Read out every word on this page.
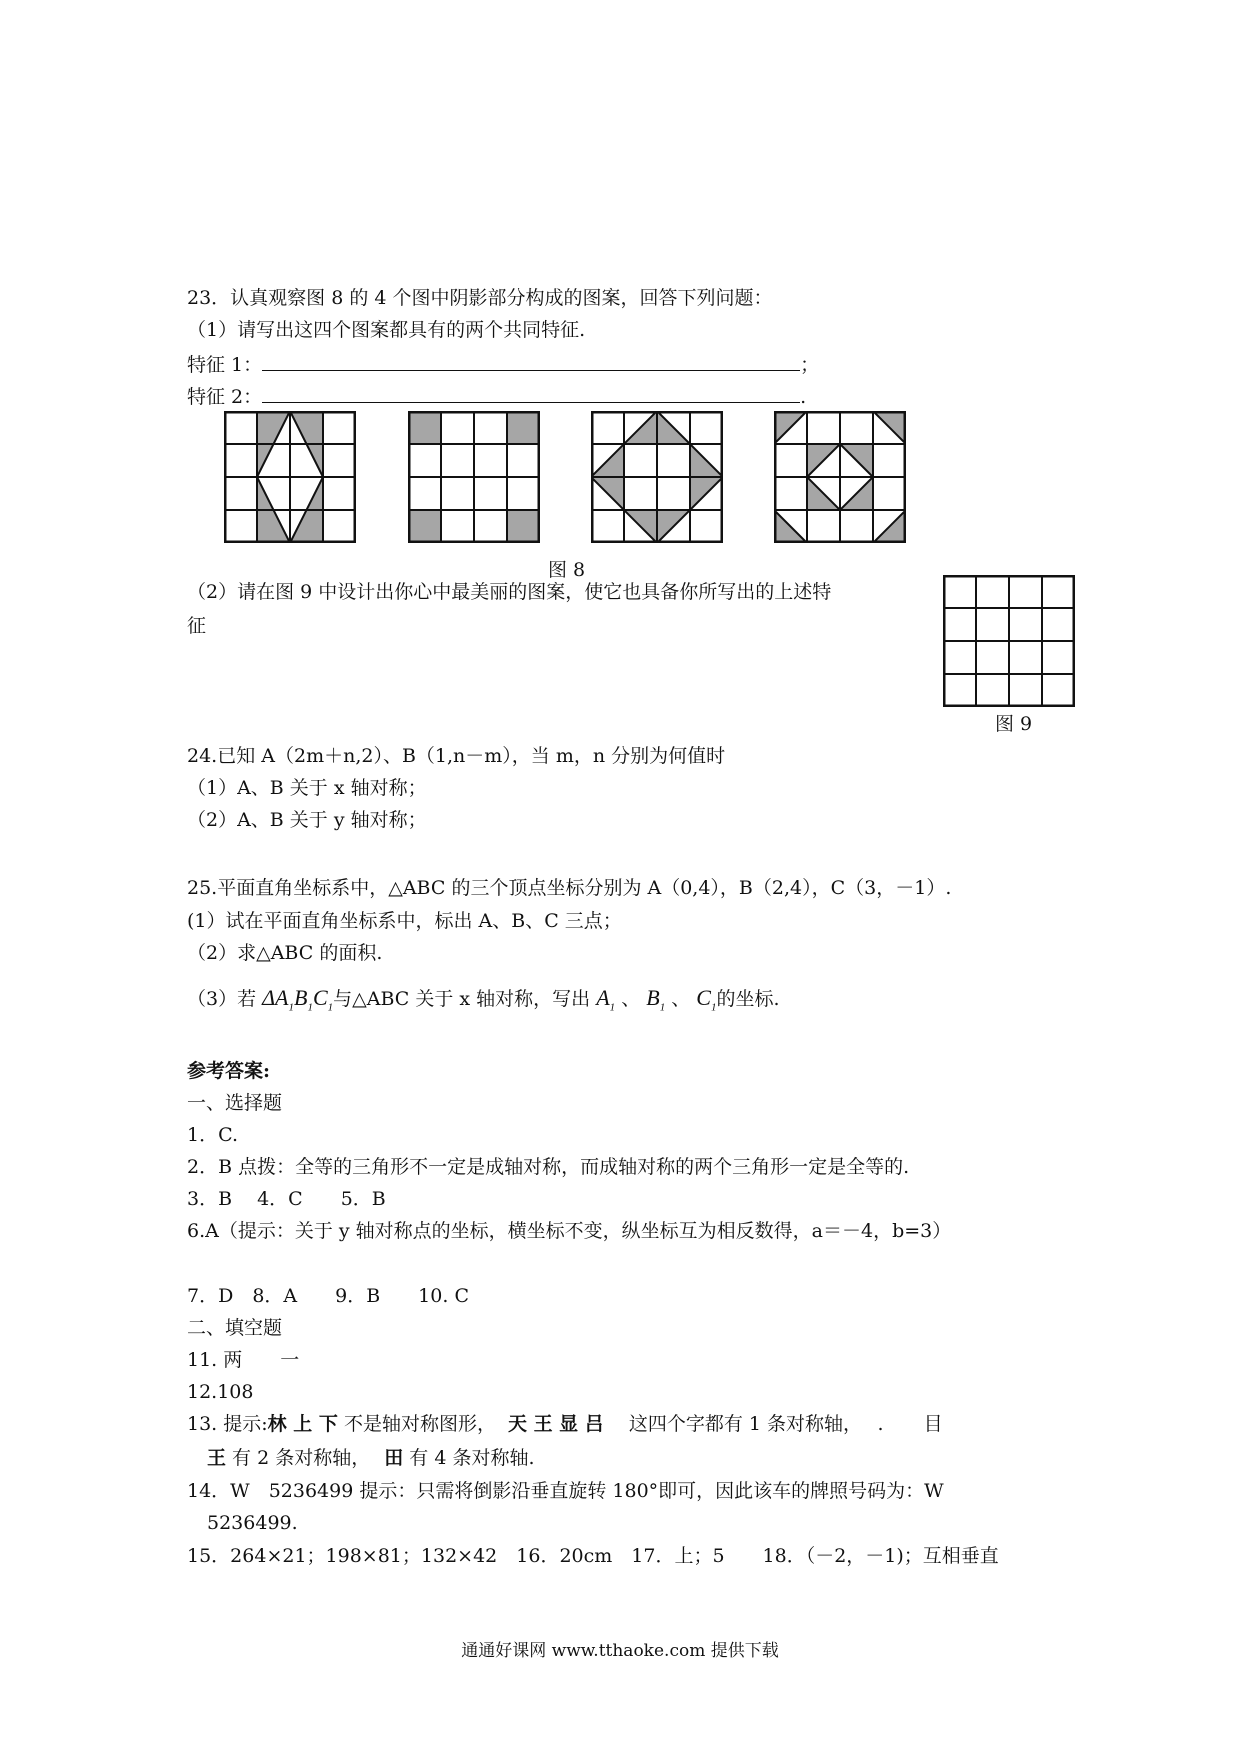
23．认真观察图 8 的 4 个图中阴影部分构成的图案，回答下列问题：
（1）请写出这四个图案都具有的两个共同特征.
特征 1：	；
特征 2：	.
图 8
（2）请在图 9 中设计出你心中最美丽的图案，使它也具备你所写出的上述特
征
图 9
24.已知 A（2m＋n,2）、B（1,n－m），当 m，n 分别为何值时
（1）A、B 关于 x 轴对称；
（2）A、B 关于 y 轴对称；
25.平面直角坐标系中，△ABC 的三个顶点坐标分别为 A（0,4），B（2,4），C（3，－1）.
(1）试在平面直角坐标系中，标出 A、B、C 三点；
（2）求△ABC 的面积.
（3）若 $\Delta A_1B_1C_1$与△ABC 关于 x 轴对称，写出 $A_1$ 、 $B_1$ 、 $C_1$的坐标.
参考答案:
一、选择题
1．C.
2．B 点拨：全等的三角形不一定是成轴对称，而成轴对称的两个三角形一定是全等的.
3．B　 4．C　　5．B
6.A（提示：关于 y 轴对称点的坐标，横坐标不变，纵坐标互为相反数得，a＝－4，b=3）
7．D　8．A　　9．B　　10. C
二、填空题
11. 两　　一
12.108
13. 提示:林 上 下 不是轴对称图形， 天 王 显 吕　 这四个字都有 1 条对称轴，　 . 目
王 有 2 条对称轴， 田 有 4 条对称轴.
14．W　5236499 提示：只需将倒影沿垂直旋转 180°即可，因此该车的牌照号码为：W
5236499.
15．264×21；198×81；132×42　16．20cm　17．上；5　　18．（－2，－1)；互相垂直
通通好课网 www.tthaoke.com 提供下载
